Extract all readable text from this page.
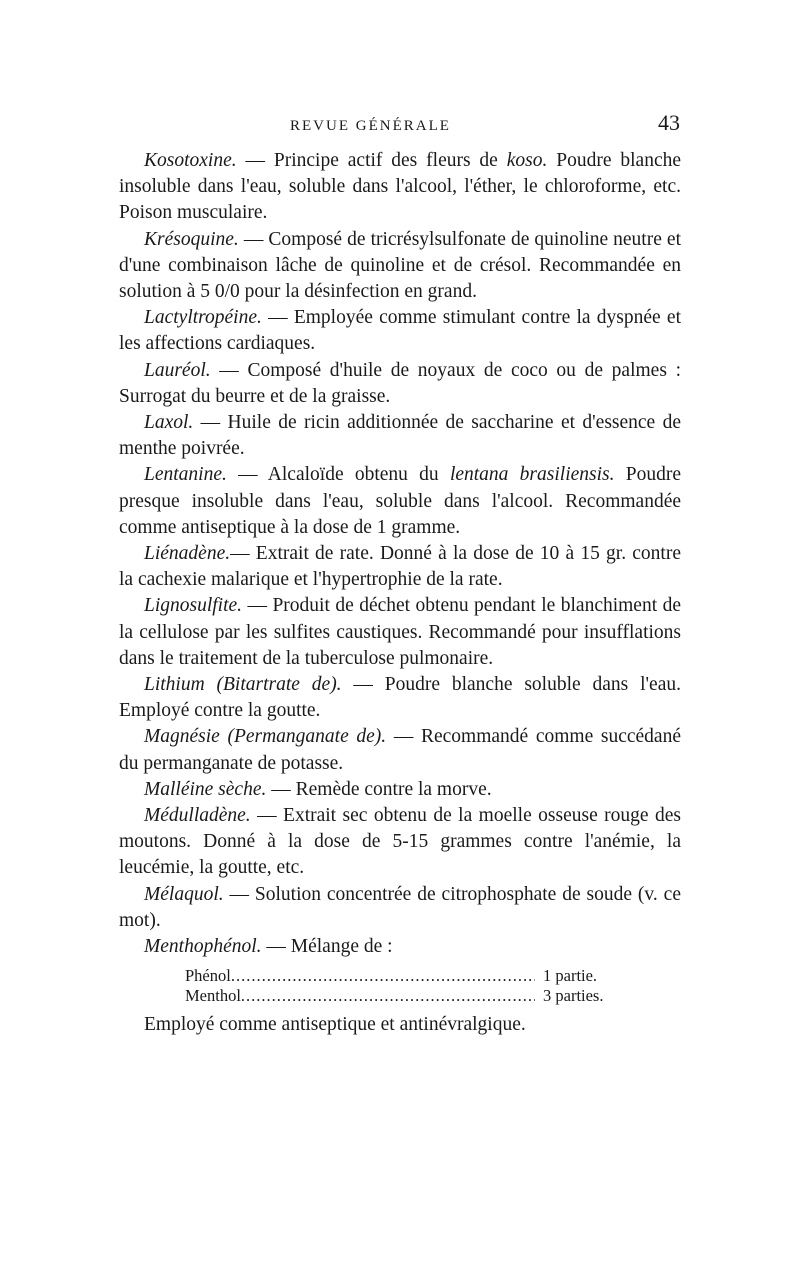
REVUE GÉNÉRALE	43

Kosotoxine. — Principe actif des fleurs de koso. Poudre blanche insoluble dans l'eau, soluble dans l'alcool, l'éther, le chloroforme, etc. Poison musculaire.

Krésoquine. — Composé de tricrésylsulfonate de quinoline neutre et d'une combinaison lâche de quinoline et de crésol. Recommandée en solution à 5 0/0 pour la désinfection en grand.

Lactyltropéine. — Employée comme stimulant contre la dyspnée et les affections cardiaques.

Lauréol. — Composé d'huile de noyaux de coco ou de palmes : Surrogat du beurre et de la graisse.

Laxol. — Huile de ricin additionnée de saccharine et d'essence de menthe poivrée.

Lentanine. — Alcaloïde obtenu du lentana brasiliensis. Poudre presque insoluble dans l'eau, soluble dans l'alcool. Recommandée comme antiseptique à la dose de 1 gramme.

Liénadène.— Extrait de rate. Donné à la dose de 10 à 15 gr. contre la cachexie malarique et l'hypertrophie de la rate.

Lignosulfite. — Produit de déchet obtenu pendant le blanchiment de la cellulose par les sulfites caustiques. Recommandé pour insufflations dans le traitement de la tuberculose pulmonaire.

Lithium (Bitartrate de). — Poudre blanche soluble dans l'eau. Employé contre la goutte.

Magnésie (Permanganate de). — Recommandé comme succédané du permanganate de potasse.

Malléine sèche. — Remède contre la morve.

Médulladène. — Extrait sec obtenu de la moelle osseuse rouge des moutons. Donné à la dose de 5-15 grammes contre l'anémie, la leucémie, la goutte, etc.

Mélaquol. — Solution concentrée de citrophosphate de soude (v. ce mot).

Menthophénol. — Mélange de :

Phénol .....	1 partie.
Menthol .....	3 parties.

Employé comme antiseptique et antinévralgique.
